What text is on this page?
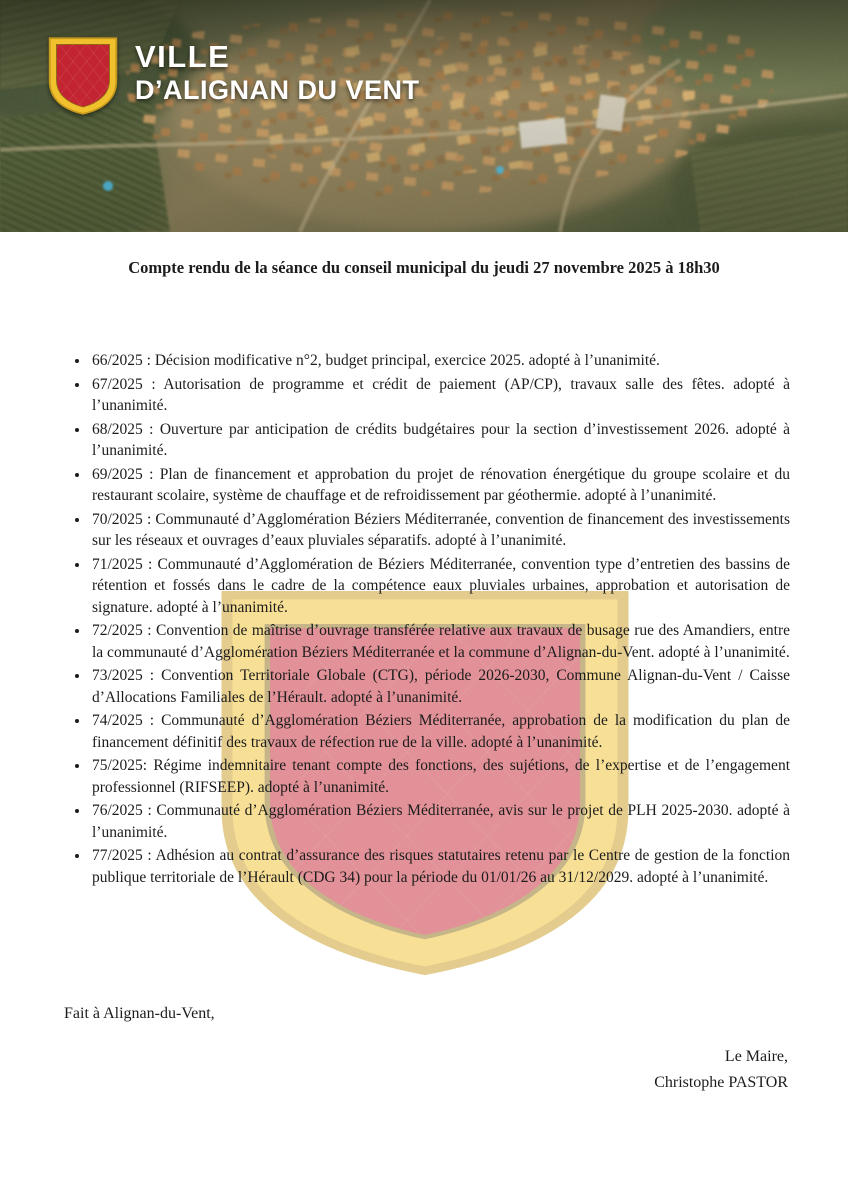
VILLE
D’ALIGNAN DU VENT
Compte rendu de la séance du conseil municipal du jeudi 27 novembre 2025 à 18h30
• 66/2025 : Décision modificative n°2, budget principal, exercice 2025. adopté à l’unanimité.
• 67/2025 : Autorisation de programme et crédit de paiement (AP/CP), travaux salle des fêtes. adopté à l’unanimité.
• 68/2025 : Ouverture par anticipation de crédits budgétaires pour la section d’investissement 2026. adopté à l’unanimité.
• 69/2025 : Plan de financement et approbation du projet de rénovation énergétique du groupe scolaire et du restaurant scolaire, système de chauffage et de refroidissement par géothermie. adopté à l’unanimité.
• 70/2025 : Communauté d’Agglomération Béziers Méditerranée, convention de financement des investissements sur les réseaux et ouvrages d’eaux pluviales séparatifs. adopté à l’unanimité.
• 71/2025 : Communauté d’Agglomération de Béziers Méditerranée, convention type d’entretien des bassins de rétention et fossés dans le cadre de la compétence eaux pluviales urbaines, approbation et autorisation de signature. adopté à l’unanimité.
• 72/2025 : Convention de maîtrise d’ouvrage transférée relative aux travaux de busage rue des Amandiers, entre la communauté d’Agglomération Béziers Méditerranée et la commune d’Alignan-du-Vent. adopté à l’unanimité.
• 73/2025 : Convention Territoriale Globale (CTG), période 2026-2030, Commune Alignan-du-Vent / Caisse d’Allocations Familiales de l’Hérault. adopté à l’unanimité.
• 74/2025 : Communauté d’Agglomération Béziers Méditerranée, approbation de la modification du plan de financement définitif des travaux de réfection rue de la ville. adopté à l’unanimité.
• 75/2025: Régime indemnitaire tenant compte des fonctions, des sujétions, de l’expertise et de l’engagement professionnel (RIFSEEP). adopté à l’unanimité.
• 76/2025 : Communauté d’Agglomération Béziers Méditerranée, avis sur le projet de PLH 2025-2030. adopté à l’unanimité.
• 77/2025 : Adhésion au contrat d’assurance des risques statutaires retenu par le Centre de gestion de la fonction publique territoriale de l’Hérault (CDG 34) pour la période du 01/01/26 au 31/12/2029. adopté à l’unanimité.

Fait à Alignan-du-Vent,

Le Maire,
Christophe PASTOR
